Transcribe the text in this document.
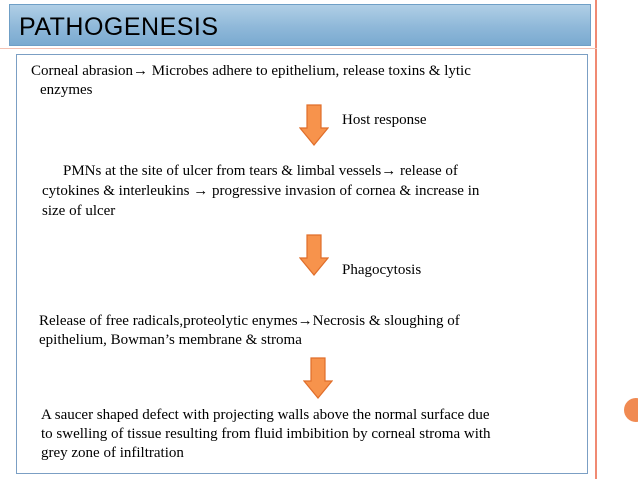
PATHOGENESIS
Corneal abrasion→ Microbes adhere to epithelium, release toxins & lytic
enzymes
Host response
PMNs at the site of ulcer from tears & limbal vessels→ release of
cytokines & interleukins → progressive invasion of cornea & increase in
size of ulcer
Phagocytosis
Release of free radicals,proteolytic enymes→Necrosis & sloughing of
epithelium, Bowman’s membrane & stroma
A saucer shaped defect with projecting walls above the normal surface due
to swelling of tissue resulting from fluid imbibition by corneal stroma with
grey zone of infiltration
